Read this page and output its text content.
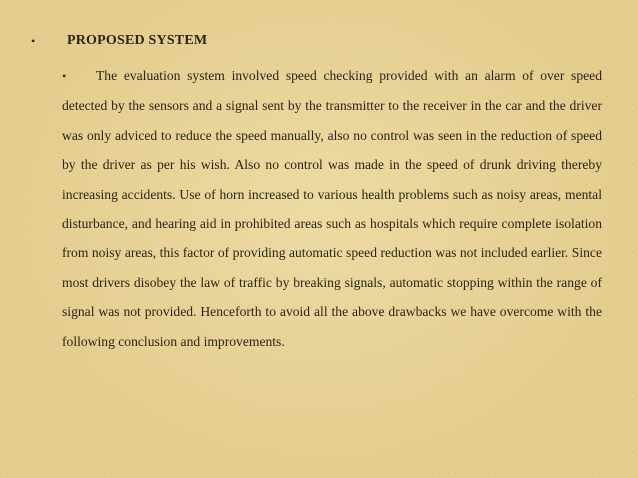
•	PROPOSED SYSTEM
• The evaluation system involved speed checking provided with an alarm of over speed detected by the sensors and a signal sent by the transmitter to the receiver in the car and the driver was only adviced to reduce the speed manually, also no control was seen in the reduction of speed by the driver as per his wish. Also no control was made in the speed of drunk driving thereby increasing accidents. Use of horn increased to various health problems such as noisy areas, mental disturbance, and hearing aid in prohibited areas such as hospitals which require complete isolation from noisy areas, this factor of providing automatic speed reduction was not included earlier. Since most drivers disobey the law of traffic by breaking signals, automatic stopping within the range of signal was not provided. Henceforth to avoid all the above drawbacks we have overcome with the following conclusion and improvements.
